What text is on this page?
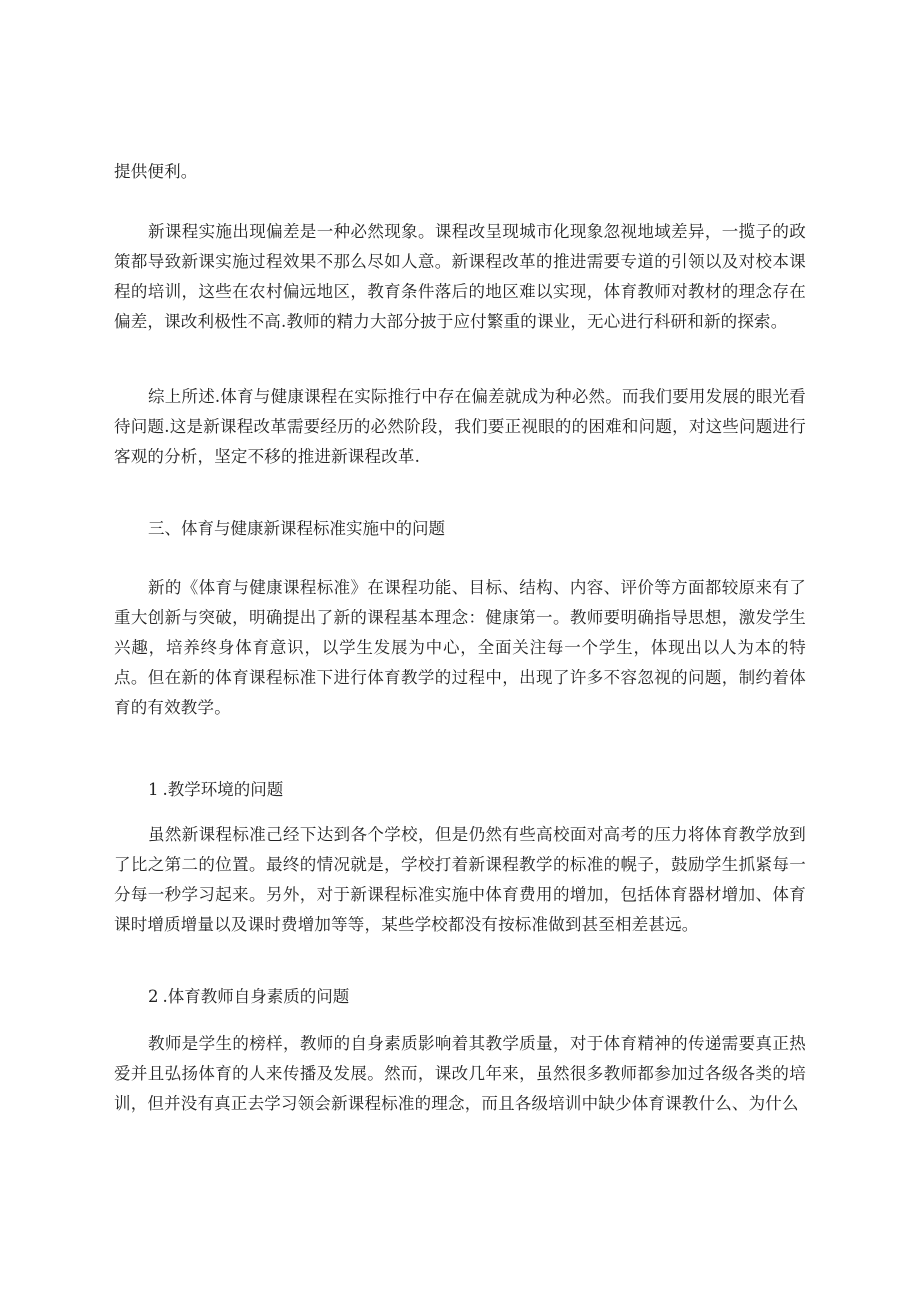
提供便利。

新课程实施出现偏差是一种必然现象。课程改呈现城市化现象忽视地域差异，一揽子的政策都导致新课实施过程效果不那么尽如人意。新课程改革的推进需要专道的引领以及对校本课程的培训，这些在农村偏远地区，教育条件落后的地区难以实现，体育教师对教材的理念存在偏差，课改利极性不高.教师的精力大部分披于应付繁重的课业，无心进行科研和新的探索。

综上所述.体育与健康课程在实际推行中存在偏差就成为种必然。而我们要用发展的眼光看待问题.这是新课程改革需要经历的必然阶段，我们要正视眼的的困难和问题，对这些问题进行客观的分析，坚定不移的推进新课程改革.

三、体育与健康新课程标准实施中的问题

新的《体育与健康课程标准》在课程功能、目标、结构、内容、评价等方面都较原来有了重大创新与突破，明确提出了新的课程基本理念：健康第一。教师要明确指导思想，激发学生兴趣，培养终身体育意识，以学生发展为中心，全面关注每一个学生，体现出以人为本的特点。但在新的体育课程标准下进行体育教学的过程中，出现了许多不容忽视的问题，制约着体育的有效教学。

1 .教学环境的问题

虽然新课程标准己经下达到各个学校，但是仍然有些高校面对高考的压力将体育教学放到了比之第二的位置。最终的情况就是，学校打着新课程教学的标准的幌子，鼓励学生抓紧每一分每一秒学习起来。另外，对于新课程标准实施中体育费用的增加，包括体育器材增加、体育课时增质增量以及课时费增加等等，某些学校都没有按标准做到甚至相差甚远。

2 .体育教师自身素质的问题

教师是学生的榜样，教师的自身素质影响着其教学质量，对于体育精神的传递需要真正热爱并且弘扬体育的人来传播及发展。然而，课改几年来，虽然很多教师都参加过各级各类的培训，但并没有真正去学习领会新课程标准的理念，而且各级培训中缺少体育课教什么、为什么
